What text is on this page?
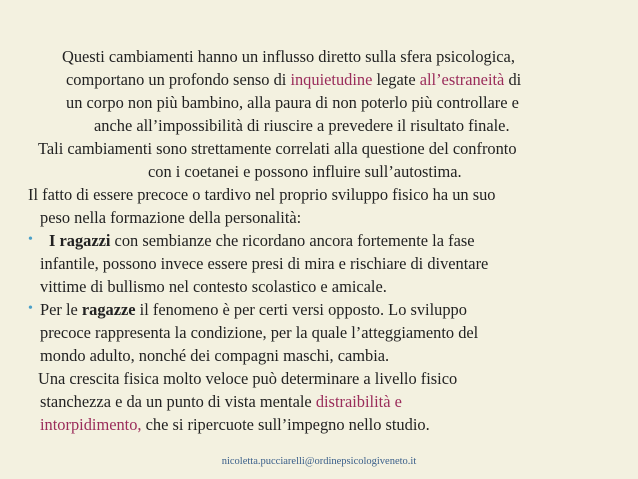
Questi cambiamenti hanno un influsso diretto sulla sfera psicologica,
comportano un profondo senso di inquietudine legate all’estraneità di
un corpo non più bambino, alla paura di non poterlo più controllare e
anche all’impossibilità di riuscire a prevedere il risultato finale.
Tali cambiamenti sono strettamente correlati alla questione del confronto
con i coetanei e possono influire sull’autostima.
Il fatto di essere precoce o tardivo nel proprio sviluppo fisico ha un suo
peso nella formazione della personalità:
• I ragazzi con sembianze che ricordano ancora fortemente la fase
infantile, possono invece essere presi di mira e rischiare di diventare
vittime di bullismo nel contesto scolastico e amicale.
• Per le ragazze il fenomeno è per certi versi opposto. Lo sviluppo
precoce rappresenta la condizione, per la quale l’atteggiamento del
mondo adulto, nonché dei compagni maschi, cambia.
Una crescita fisica molto veloce può determinare a livello fisico
stanchezza e da un punto di vista mentale distraibilità e
intorpidimento, che si ripercuote sull’impegno nello studio.
nicoletta.pucciarelli@ordinepsicologiveneto.it
